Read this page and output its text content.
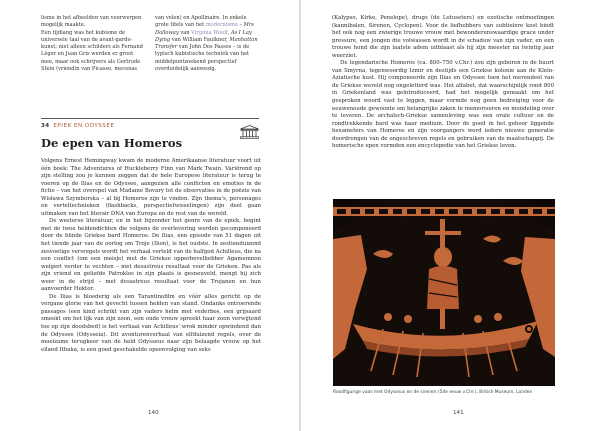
lisme in het afbeelden van voorwerpen mogelijk maakte.
Een tijdlang was het kubisme de universele taal van de avant-garde-kunst; niet alleen schilders als Fernand Léger en Juan Gris werden er groot mee, maar ook schrijvers als Gertrude Stein (vriendin van Picasso, mecenas
van velen) en Apollinaire. In enkele grote titels van het modernisme – Mrs Dalloway van Virginia Woolf, As I Lay Dying van William Faulkner, Manhattan Transfer van John Dos Passos – is de typisch kubistische techniek van het middelpuntzoekend perspectief overduidelijk aanwezig.
34 EPIEK EN ODYSSEE
De epen van Homeros

Volgens Ernest Hemingway kwam de moderne Amerikaanse literatuur voort uit één boek: The Adventures of Huckleberry Finn van Mark Twain. Variërend op zijn stelling zou je kunnen zeggen dat de hele Europese literatuur is terug te voeren op de Ilias en de Odyssee, aangezien alle conflicten en emoties in de fictie – van het overspel van Madame Bovary tot de observaties in de poëzie van Wisława Szymborska – al bij Homeros zijn te vinden. Zijn thema's, personages en verteltechnieken (flashbacks, perspectiefwisselingen) zijn deel gaan uitmaken van het literair DNA van Europa en de rest van de wereld.

De westerse literatuur, en in het bijzonder het genre van de epiek, begint met de twee heldendichten die volgens de overlevering werden gecomponeerd door de blinde Griekse bard Homeros. De Ilias, een episode van 51 dagen uit het tiende jaar van de oorlog om Troje (Ilion), is het oudste. In zestienduizend zesvoetige versregels wordt het verhaal verteld van de halfgod Achilleus, die na een conflict (om een meisje) met de Griekse opperbevelhebber Agamemnon weigert verder te vechten – met desastreus resultaat voor de Grieken. Pas als zijn vriend en geliefde Patroklos in zijn plaats is gesneuveld, mengt hij zich weer in de strijd – met desastreus resultaat voor de Trojanen en hun aanvoerder Hektor.

De Ilias is bloederig als een Tarantinofilm en vóór alles gericht op de vergane glorie van het gevecht tussen helden van stand. Ondanks ontroerende passages (een kind schrikt van zijn vaders helm met vederbos, een grijsaard smeekt om het lijk van zijn zoon, een oude vrouw spreekt haar zoon verwijtend toe op zijn doodsbed) is het verhaal van Achilleus' wrok minder opwindend dan de Odyssee (Odysseia). Dit avonturenverhaal van elfduizend regels, over de moeizame terugkeer van de held Odysseus naar zijn belaagde vrouw op het eiland Ithaka, is een goed geschakelde opeenvolging van seks

140

(Kalypso, Kirke, Penelope), drugs (de Lotuseters) en exotische ontmoetingen (kannibalen, Sirenen, Cyclopen). Voor de liefhebbers van subtielere kost biedt het ook nog een zwierige trouwe vrouw met bewonderenswaardige grace under pressure, een jongen die volwassen wordt in de schaduw van zijn vader, en een trouwe hond die zijn laatste adem uitblaast als hij zijn meester na twintig jaar weerziet.

De legendarische Homeros (ca. 800–750 v.Chr.) zou zijn geboren in de buurt van Smyrna, tegenwoordig Izmir en destijds een Griekse kolonie aan de Klein-Aziatische kust. Hij componeerde zijn Ilias en Odyssee toen het merendeel van de Griekse wereld nog ongeletterd was. Het alfabet, dat waarschijnlijk rond 800 in Griekenland was geïntroduceerd, had het mogelijk gemaakt om het gesproken woord vast te leggen, maar vormde nog geen bedreiging voor de eeuwenoude gewoonte om belangrijke zaken te memoriseren en mondeling over te leveren. De archaïsch-Griekse samenleving was een orale cultuur en de rondtrekkende bard was haar medium. Door de goed in het gehoor liggende hexameters van Homeros en zijn voorgangers werd iedere nieuwe generatie doordrongen van de ongeschreven regels en gebruiken van de maatschappij. De homerische epen vormden een encyclopedie van het Griekse leven.

Roodfigurige vaas met Odysseus en de sirenen (5de eeuw v.Chr.), British Museum, Londen
141
